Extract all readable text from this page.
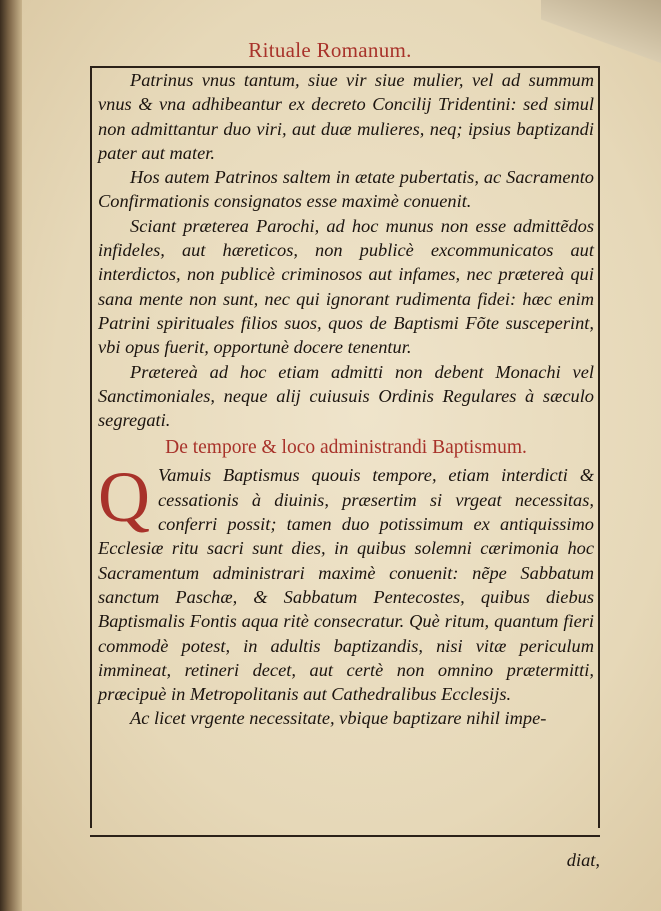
Rituale Romanum.

Patrinus vnus tantum, siue vir siue mulier, vel ad summum vnus & vna adhibeantur ex decreto Concilij Tridentini: sed simul non admittantur duo viri, aut duæ mulieres, neq; ipsius baptizandi pater aut mater.

Hos autem Patrinos saltem in ætate pubertatis, ac Sacramento Confirmationis consignatos esse maximè conuenit.

Sciant præterea Parochi, ad hoc munus non esse admittẽdos infideles, aut hæreticos, non publicè excommunicatos aut interdictos, non publicè criminosos aut infames, nec prætereà qui sana mente non sunt, nec qui ignorant rudimenta fidei: hæc enim Patrini spirituales filios suos, quos de Baptismi Fõte susceperint, vbi opus fuerit, opportunè docere tenentur.

Prætereà ad hoc etiam admitti non debent Monachi vel Sanctimoniales, neque alij cuiusuis Ordinis Regulares à sæculo segregati.

De tempore & loco administrandi Baptismum.

Q Vamuis Baptismus quouis tempore, etiam interdicti & cessationis à diuinis, præsertim si vrgeat necessitas, conferri possit; tamen duo potissimum ex antiquissimo Ecclesiæ ritu sacri sunt dies, in quibus solemni cærimonia hoc Sacramentum administrari maximè conuenit: nẽpe Sabbatum sanctum Paschæ, & Sabbatum Pentecostes, quibus diebus Baptismalis Fontis aqua ritè consecratur. Què ritum, quantum fieri commodè potest, in adultis baptizandis, nisi vitæ periculum immineat, retineri decet, aut certè non omnino prætermitti, præcipuè in Metropolitanis aut Cathedralibus Ecclesijs.

Ac licet vrgente necessitate, vbique baptizare nihil impe-

diat,
